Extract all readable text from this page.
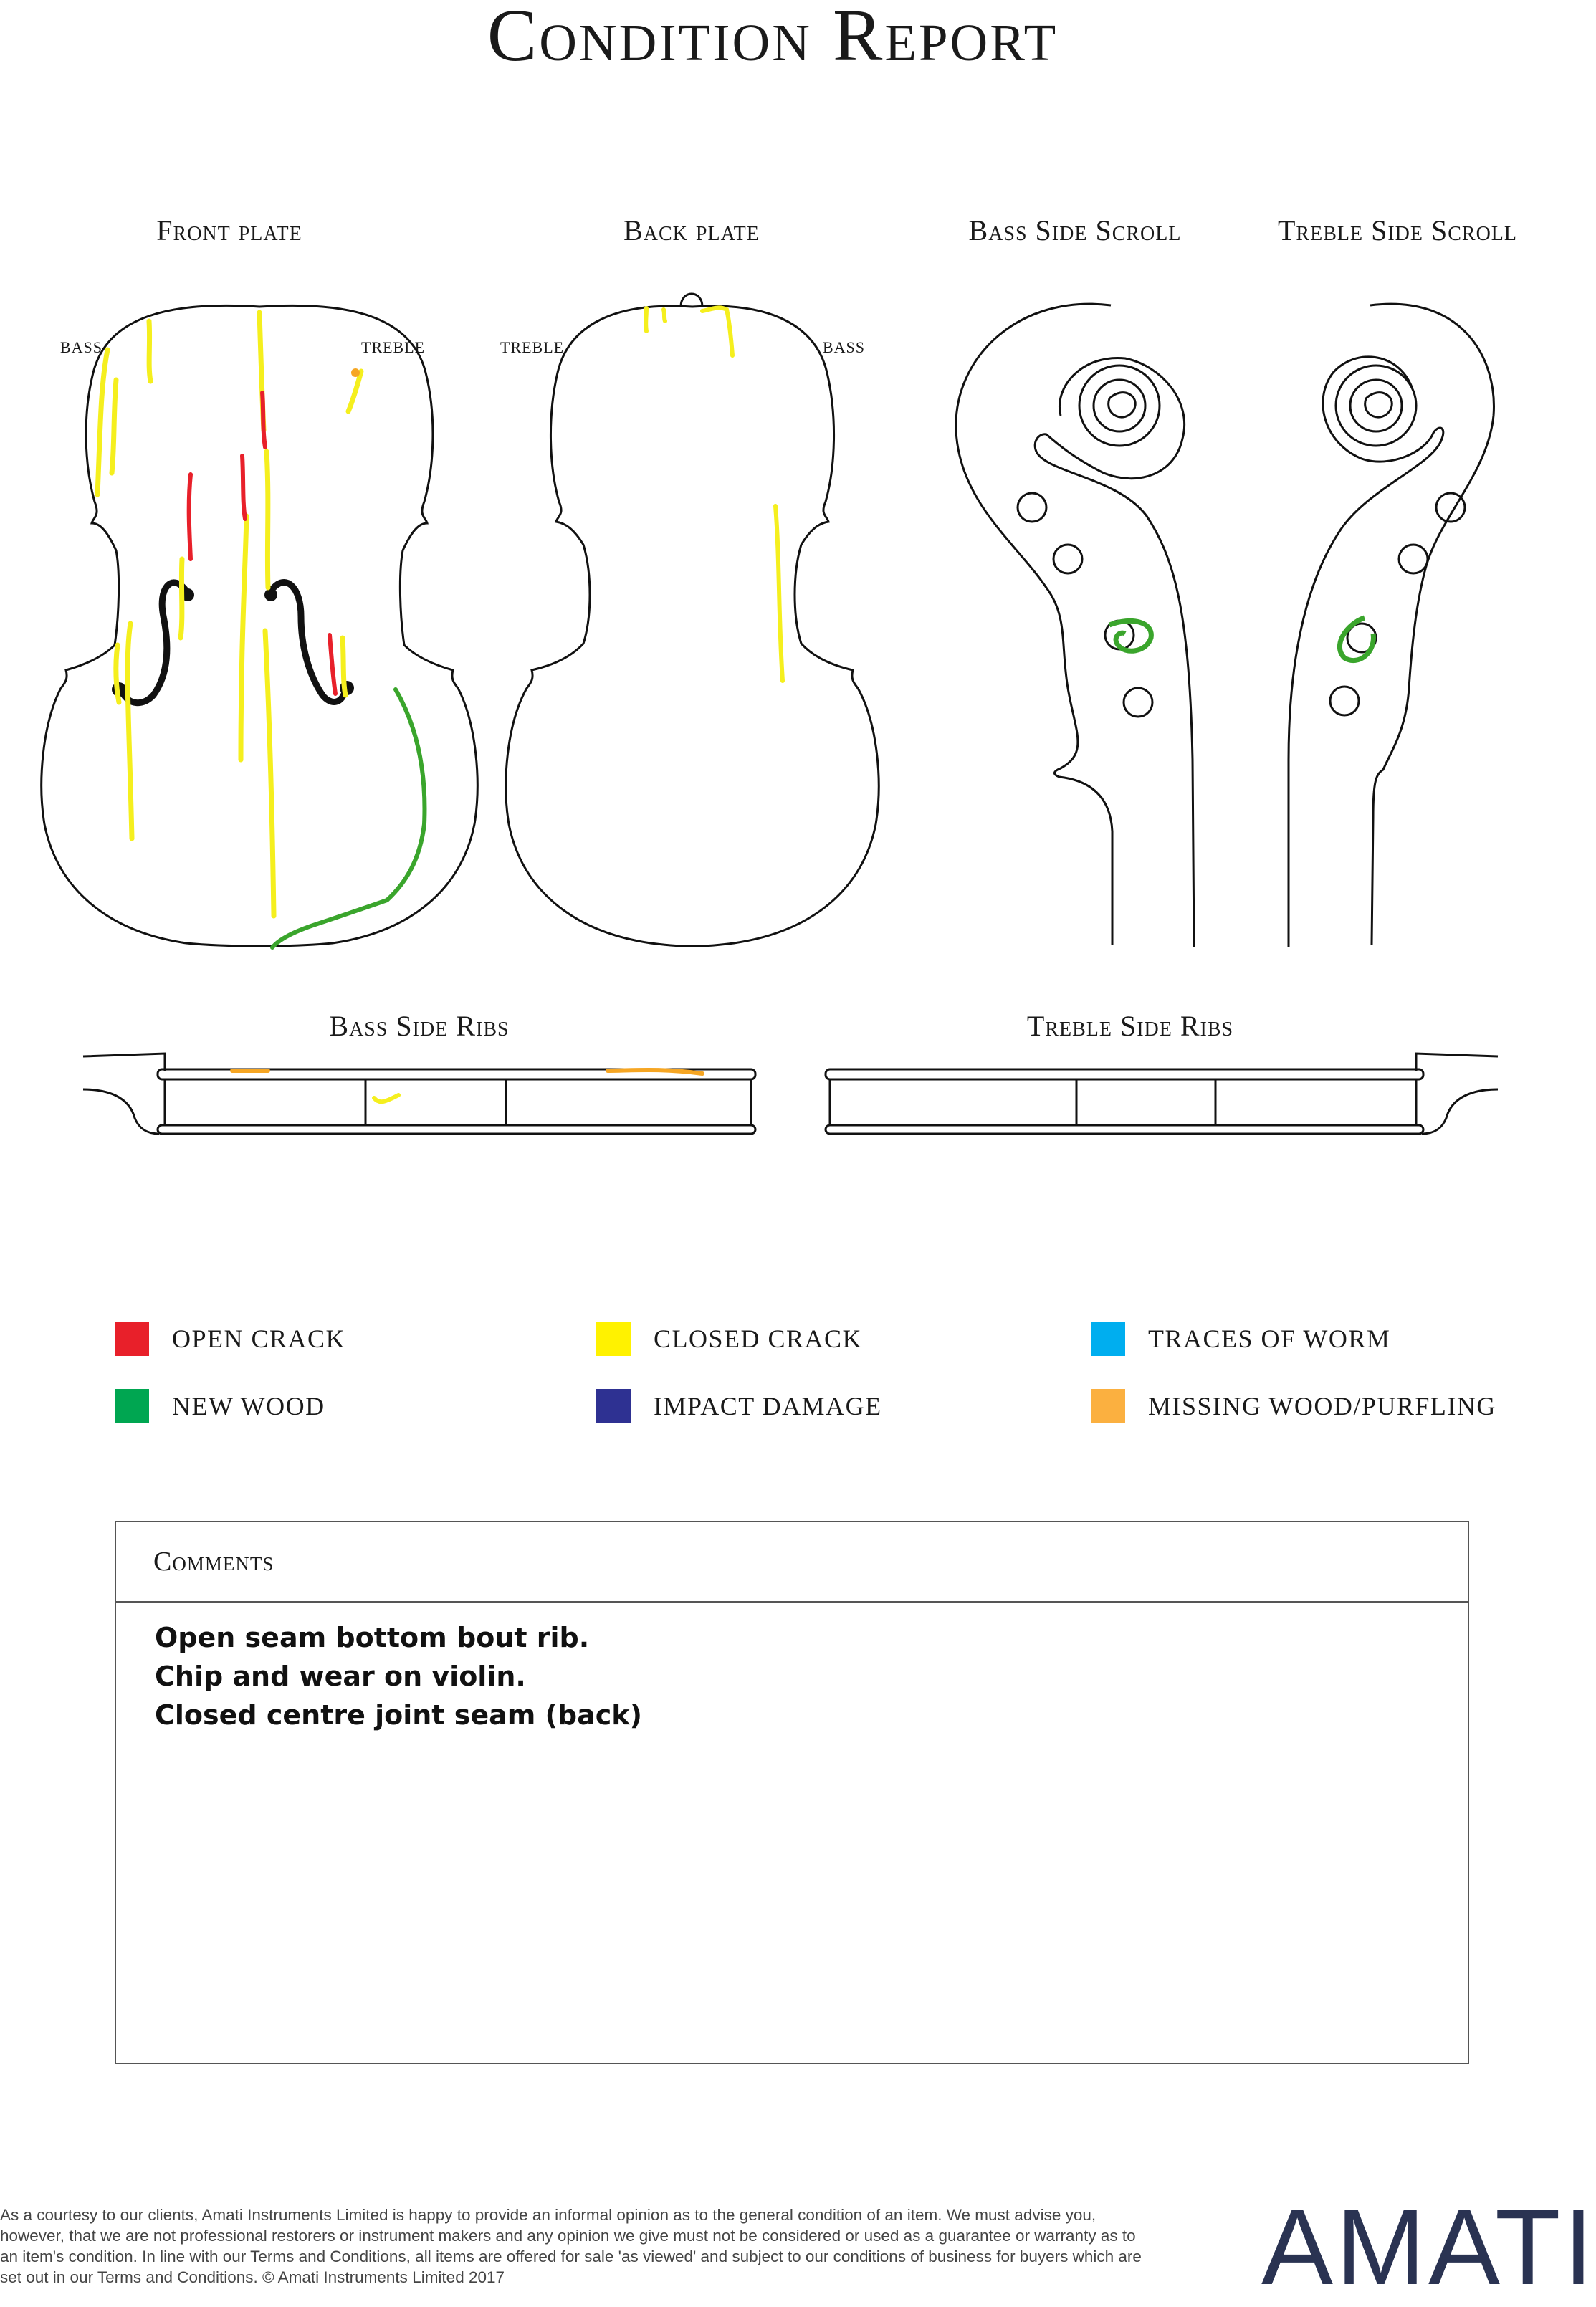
Condition Report
Front plate	Back plate	Bass Side Scroll	Treble Side Scroll
Bass Side Ribs	Treble Side Ribs
BASS	TREBLE	TREBLE	BASS
OPEN CRACK	CLOSED CRACK	TRACES OF WORM
NEW WOOD	IMPACT DAMAGE	MISSING WOOD/PURFLING
Comments
Open seam bottom bout rib.
Chip and wear on violin.
Closed centre joint seam (back)
As a courtesy to our clients, Amati Instruments Limited is happy to provide an informal opinion as to the general condition of an item. We must advise you, however, that we are not professional restorers or instrument makers and any opinion we give must not be considered or used as a guarantee or warranty as to an item's condition. In line with our Terms and Conditions, all items are offered for sale 'as viewed' and subject to our conditions of business for buyers which are set out in our Terms and Conditions. © Amati Instruments Limited 2017	AMATI
